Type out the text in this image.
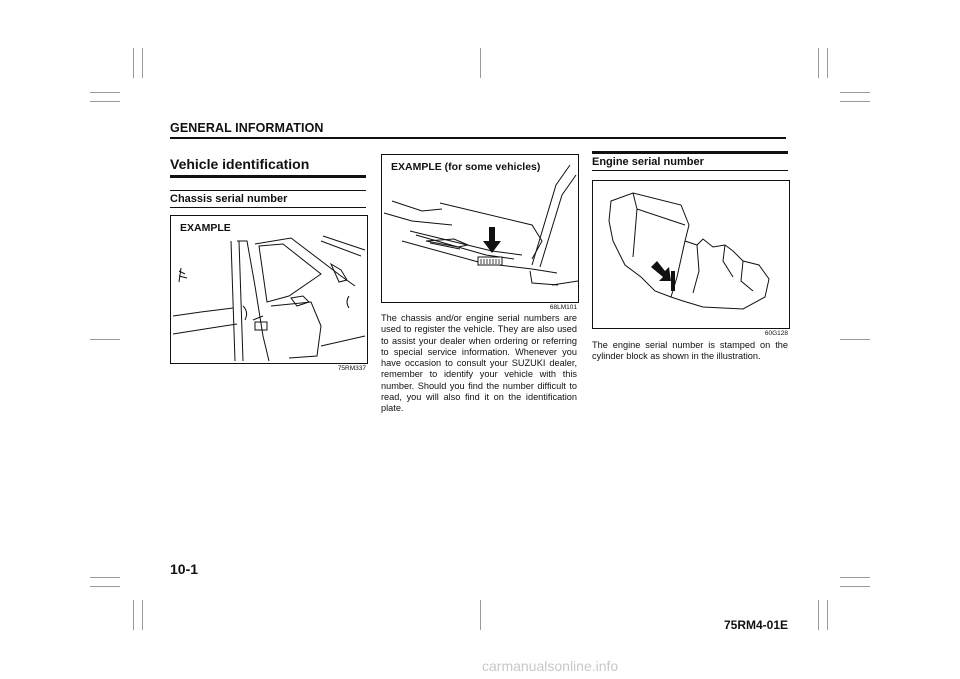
GENERAL INFORMATION
Vehicle identification
Chassis serial number
EXAMPLE
75RM337
EXAMPLE (for some vehicles)
68LM101
The chassis and/or engine serial numbers are used to register the vehicle. They are also used to assist your dealer when ordering or referring to special service information. Whenever you have occasion to consult your SUZUKI dealer, remember to identify your vehicle with this number. Should you find the number difficult to read, you will also find it on the identification plate.
Engine serial number
60G128
The engine serial number is stamped on the cylinder block as shown in the illustration.
10-1
75RM4-01E
carmanualsonline.info
